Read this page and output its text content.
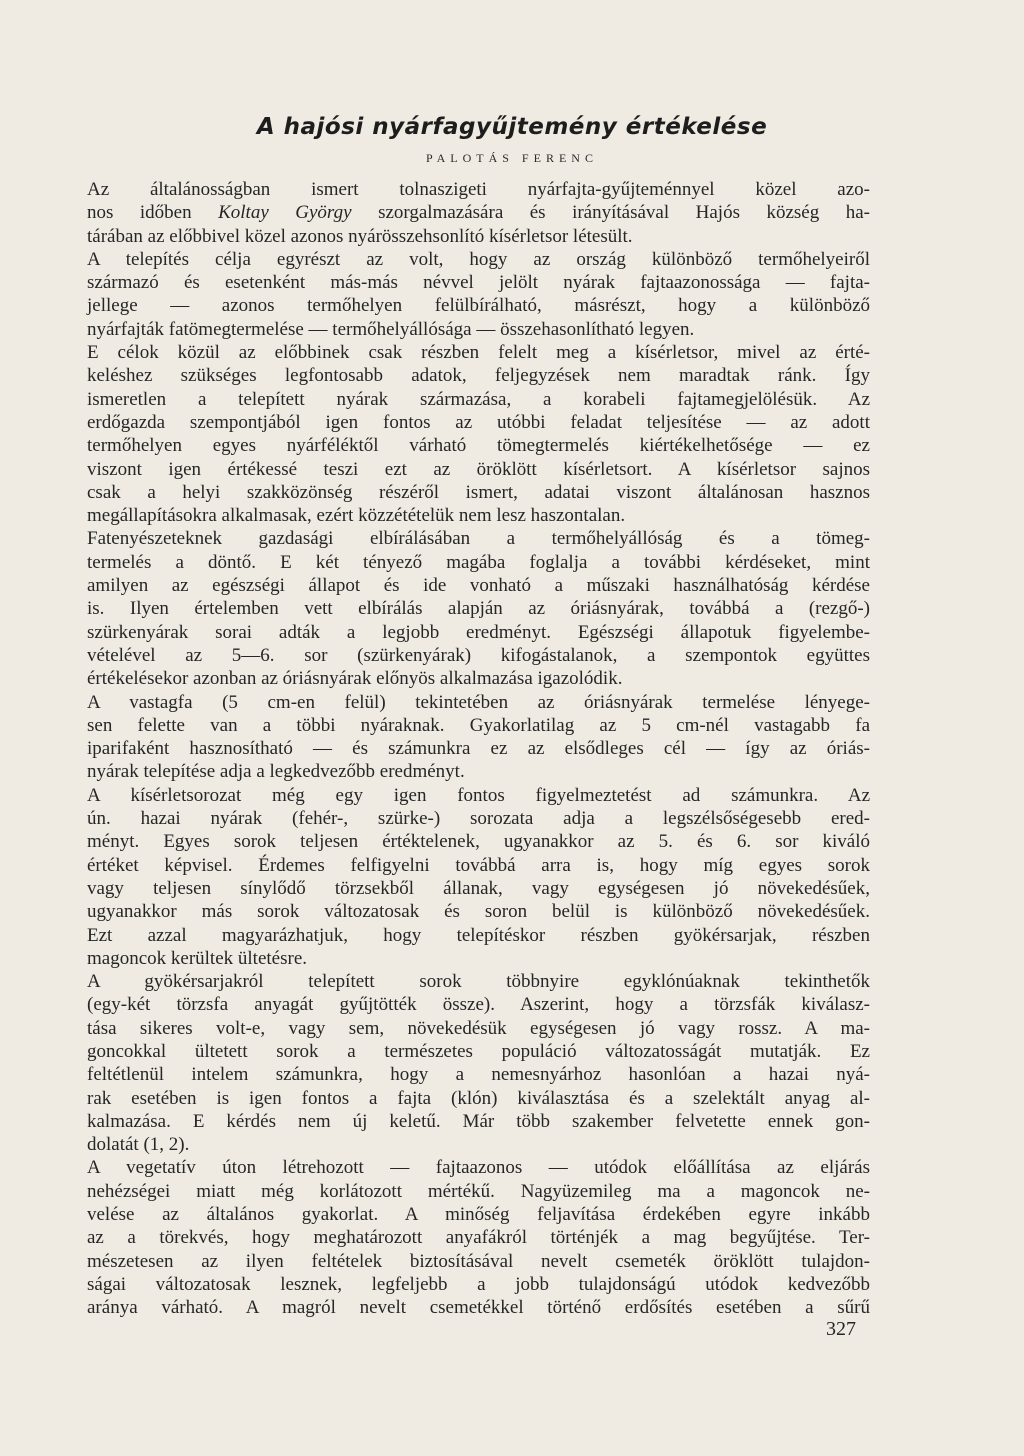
A hajósi nyárfagyűjtemény értékelése
PALOTÁS FERENC
Az általánosságban ismert tolnaszigeti nyárfajta-gyűjteménnyel közel azo-
nos időben Koltay György szorgalmazására és irányításával Hajós község ha-
tárában az előbbivel közel azonos nyárösszehsonlító kísérletsor létesült.
A telepítés célja egyrészt az volt, hogy az ország különböző termőhelyeiről
származó és esetenként más-más névvel jelölt nyárak fajtaazonossága — fajta-
jellege — azonos termőhelyen felülbírálható, másrészt, hogy a különböző
nyárfajták fatömegtermelése — termőhelyállósága — összehasonlítható legyen.
E célok közül az előbbinek csak részben felelt meg a kísérletsor, mivel az érté-
keléshez szükséges legfontosabb adatok, feljegyzések nem maradtak ránk. Így
ismeretlen a telepített nyárak származása, a korabeli fajtamegjelölésük. Az
erdőgazda szempontjából igen fontos az utóbbi feladat teljesítése — az adott
termőhelyen egyes nyárféléktől várható tömegtermelés kiértékelhetősége — ez
viszont igen értékessé teszi ezt az öröklött kísérletsort. A kísérletsor sajnos
csak a helyi szakközönség részéről ismert, adatai viszont általánosan hasznos
megállapításokra alkalmasak, ezért közzétételük nem lesz haszontalan.
Fatenyészeteknek gazdasági elbírálásában a termőhelyállóság és a tömeg-
termelés a döntő. E két tényező magába foglalja a további kérdéseket, mint
amilyen az egészségi állapot és ide vonható a műszaki használhatóság kérdése
is. Ilyen értelemben vett elbírálás alapján az óriásnyárak, továbbá a (rezgő-)
szürkenyárak sorai adták a legjobb eredményt. Egészségi állapotuk figyelembe-
vételével az 5—6. sor (szürkenyárak) kifogástalanok, a szempontok együttes
értékelésekor azonban az óriásnyárak előnyös alkalmazása igazolódik.
A vastagfa (5 cm-en felül) tekintetében az óriásnyárak termelése lényege-
sen felette van a többi nyáraknak. Gyakorlatilag az 5 cm-nél vastagabb fa
iparifaként hasznosítható — és számunkra ez az elsődleges cél — így az óriás-
nyárak telepítése adja a legkedvezőbb eredményt.
A kísérletsorozat még egy igen fontos figyelmeztetést ad számunkra. Az
ún. hazai nyárak (fehér-, szürke-) sorozata adja a legszélsőségesebb ered-
ményt. Egyes sorok teljesen értéktelenek, ugyanakkor az 5. és 6. sor kiváló
értéket képvisel. Érdemes felfigyelni továbbá arra is, hogy míg egyes sorok
vagy teljesen sínylődő törzsekből állanak, vagy egységesen jó növekedésűek,
ugyanakkor más sorok változatosak és soron belül is különböző növekedésűek.
Ezt azzal magyarázhatjuk, hogy telepítéskor részben gyökérsarjak, részben
magoncok kerültek ültetésre.
A gyökérsarjakról telepített sorok többnyire egyklónúaknak tekinthetők
(egy-két törzsfa anyagát gyűjtötték össze). Aszerint, hogy a törzsfák kiválasz-
tása sikeres volt-e, vagy sem, növekedésük egységesen jó vagy rossz. A ma-
goncokkal ültetett sorok a természetes populáció változatosságát mutatják. Ez
feltétlenül intelem számunkra, hogy a nemesnyárhoz hasonlóan a hazai nyá-
rak esetében is igen fontos a fajta (klón) kiválasztása és a szelektált anyag al-
kalmazása. E kérdés nem új keletű. Már több szakember felvetette ennek gon-
dolatát (1, 2).
A vegetatív úton létrehozott — fajtaazonos — utódok előállítása az eljárás
nehézségei miatt még korlátozott mértékű. Nagyüzemileg ma a magoncok ne-
velése az általános gyakorlat. A minőség feljavítása érdekében egyre inkább
az a törekvés, hogy meghatározott anyafákról történjék a mag begyűjtése. Ter-
mészetesen az ilyen feltételek biztosításával nevelt csemeték öröklött tulajdon-
ságai változatosak lesznek, legfeljebb a jobb tulajdonságú utódok kedvezőbb
aránya várható. A magról nevelt csemetékkel történő erdősítés esetében a sűrű
327
